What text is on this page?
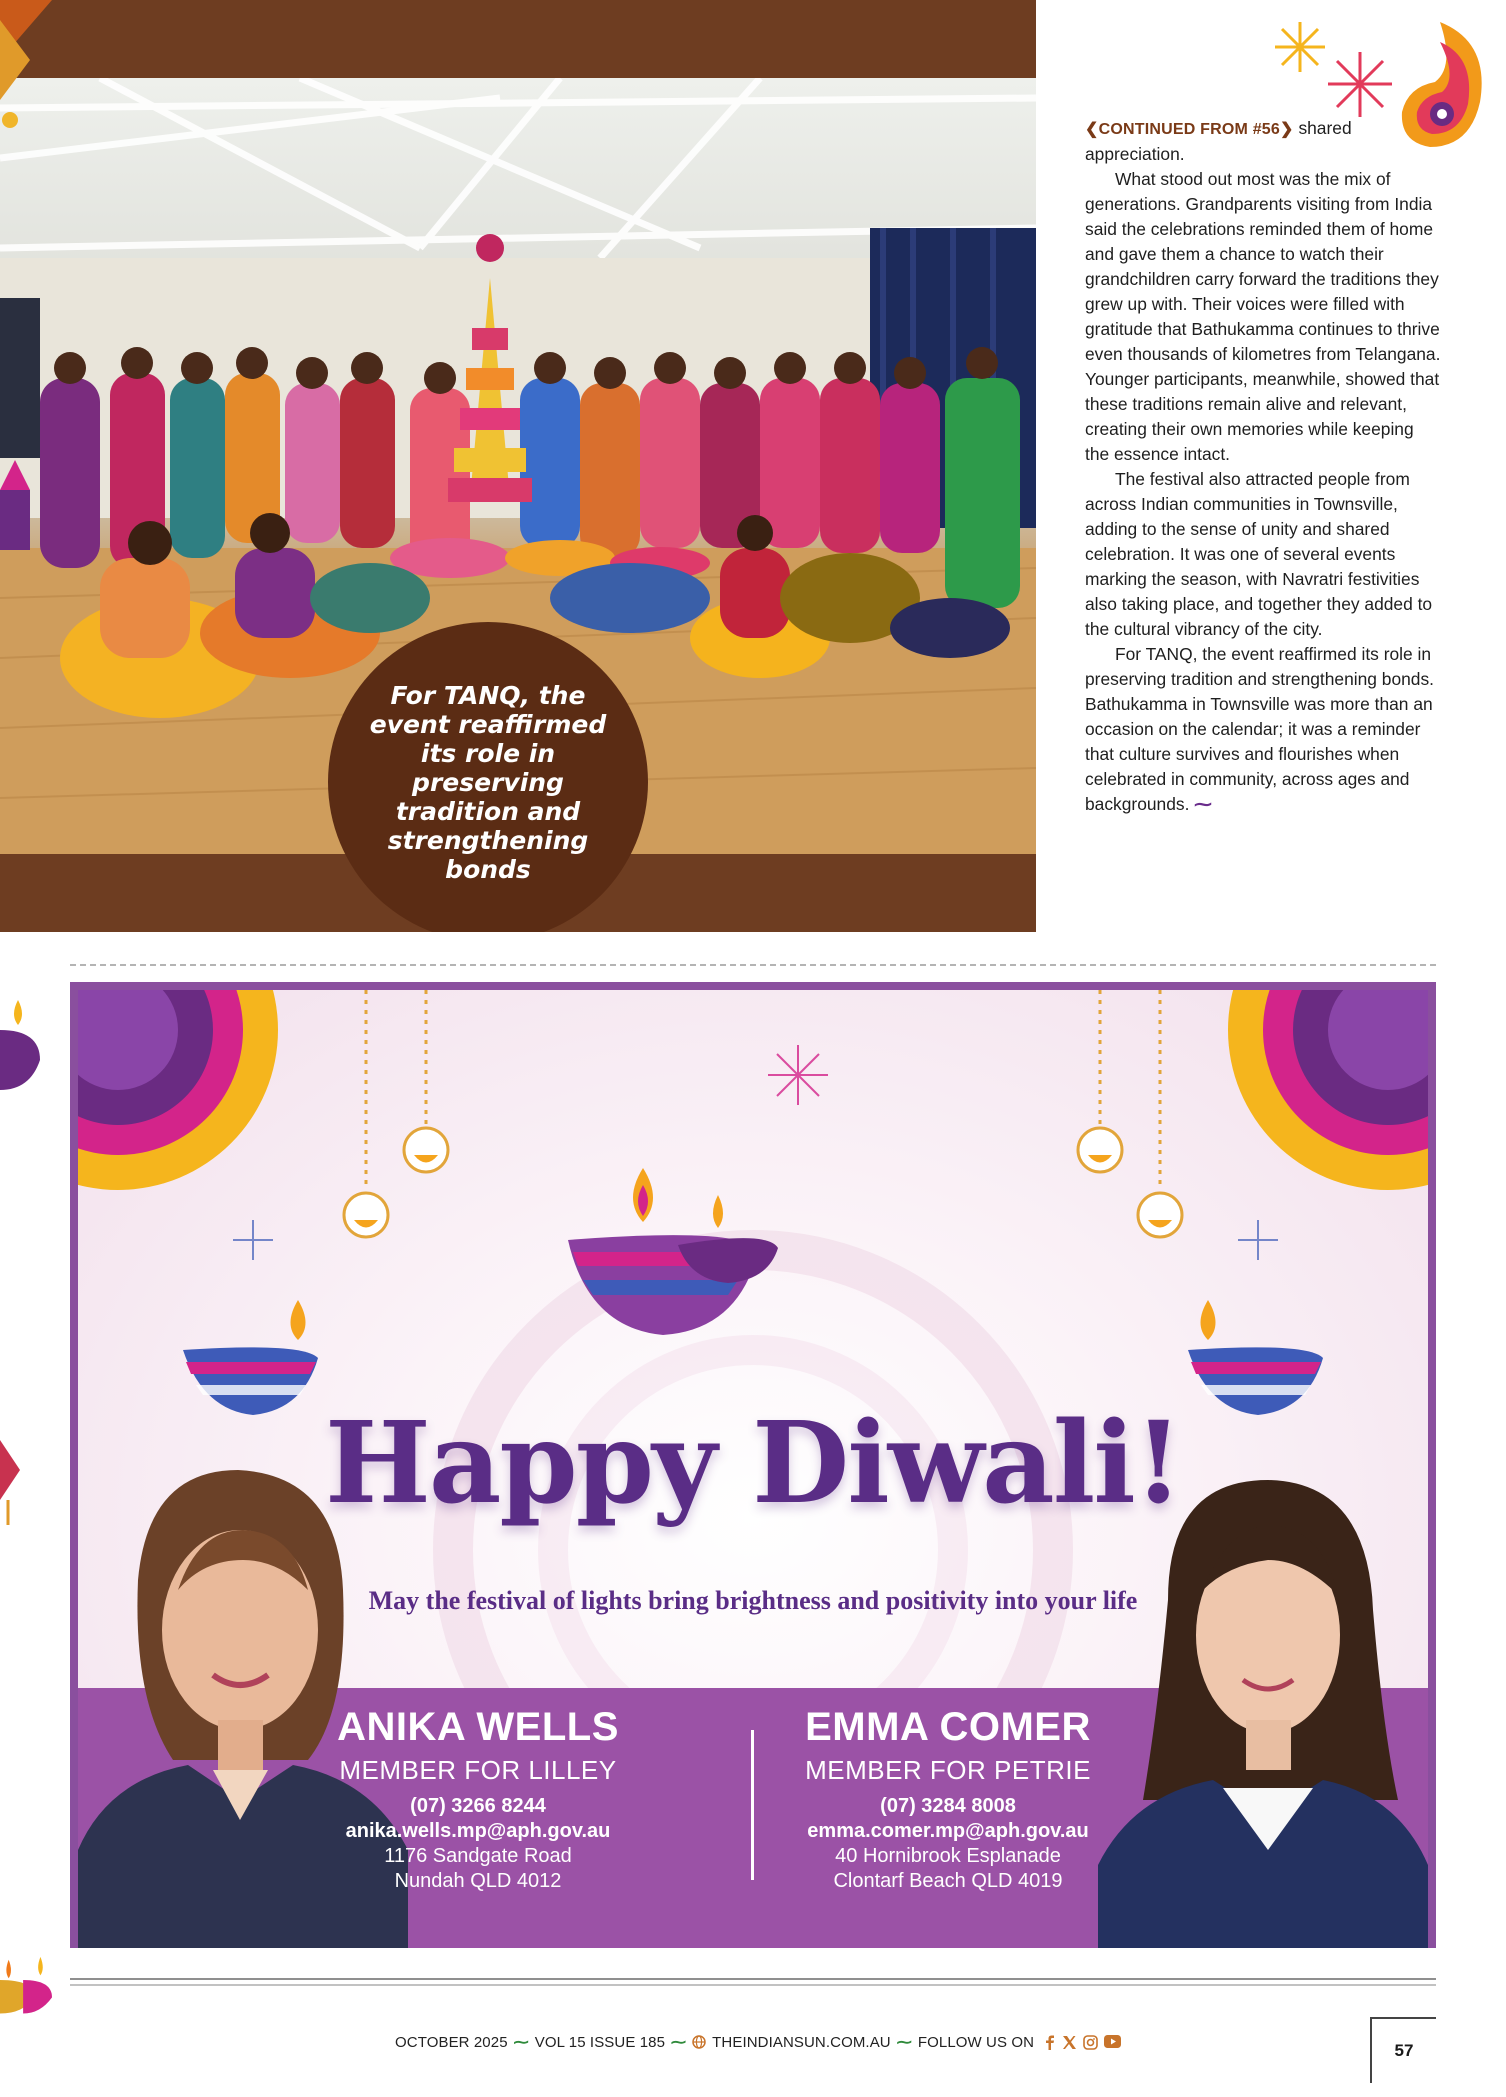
For TANQ, the event reaffirmed its role in preserving tradition and strengthening bonds

❮CONTINUED FROM #56❯ shared appreciation.

What stood out most was the mix of generations. Grandparents visiting from India said the celebrations reminded them of home and gave them a chance to watch their grandchildren carry forward the traditions they grew up with. Their voices were filled with gratitude that Bathukamma continues to thrive even thousands of kilometres from Telangana. Younger participants, meanwhile, showed that these traditions remain alive and relevant, creating their own memories while keeping the essence intact.

The festival also attracted people from across Indian communities in Townsville, adding to the sense of unity and shared celebration. It was one of several events marking the season, with Navratri festivities also taking place, and together they added to the cultural vibrancy of the city.

For TANQ, the event reaffirmed its role in preserving tradition and strengthening bonds. Bathukamma in Townsville was more than an occasion on the calendar; it was a reminder that culture survives and flourishes when celebrated in community, across ages and backgrounds. ⁓

Happy Diwali!
May the festival of lights bring brightness and positivity into your life
ANIKA WELLS
MEMBER FOR LILLEY
(07) 3266 8244
anika.wells.mp@aph.gov.au
1176 Sandgate Road
Nundah QLD 4012
EMMA COMER
MEMBER FOR PETRIE
(07) 3284 8008
emma.comer.mp@aph.gov.au
40 Hornibrook Esplanade
Clontarf Beach QLD 4019
OCTOBER 2025 ⁓ VOL 15 ISSUE 185 ⁓ THEINDIANSUN.COM.AU ⁓ FOLLOW US ON	57
